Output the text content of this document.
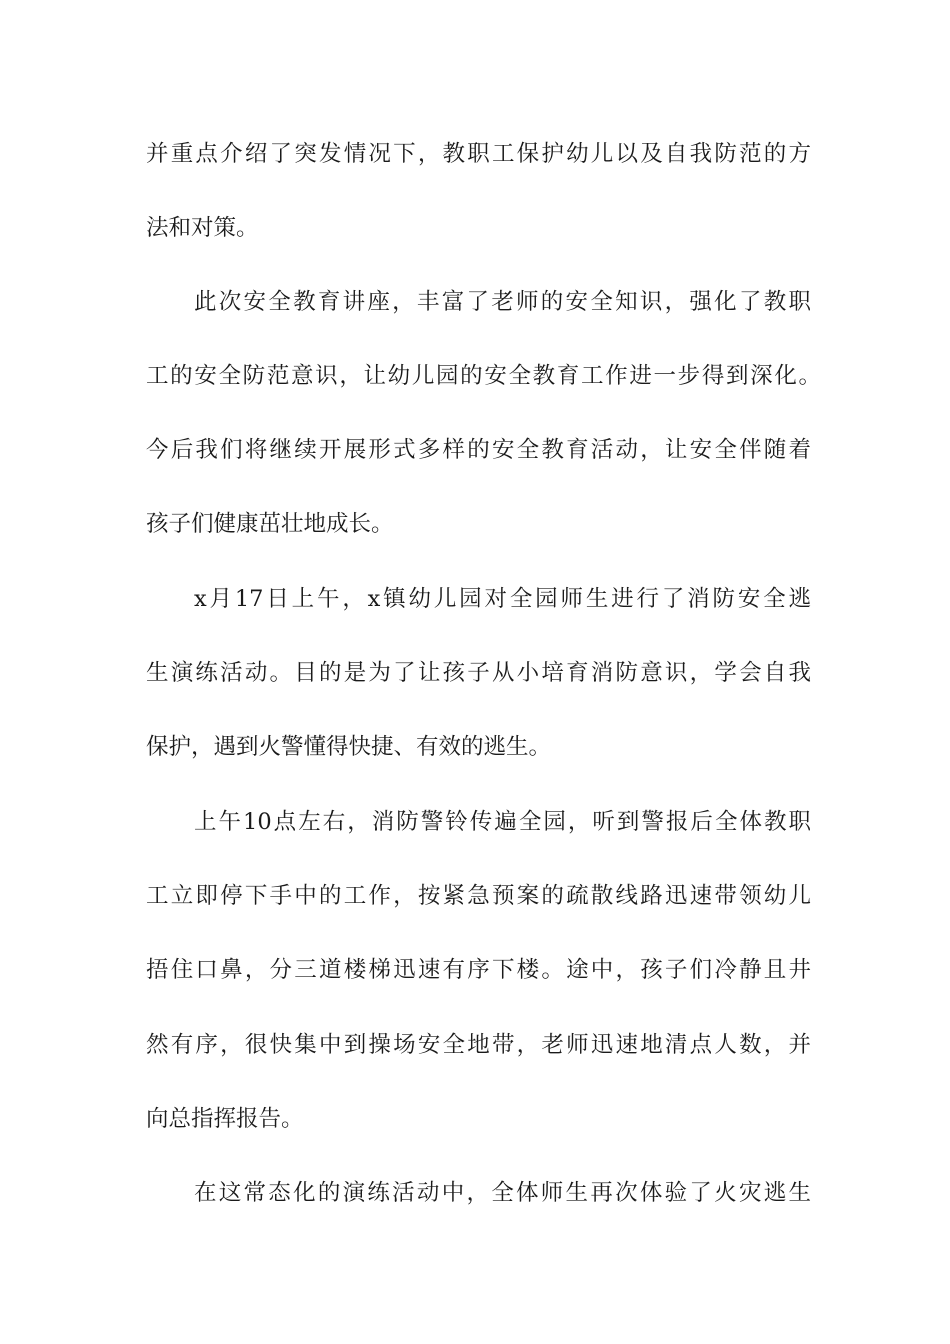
并重点介绍了突发情况下，教职工保护幼儿以及自我防范的方
法和对策。
此次安全教育讲座，丰富了老师的安全知识，强化了教职
工的安全防范意识，让幼儿园的安全教育工作进一步得到深化。
今后我们将继续开展形式多样的安全教育活动，让安全伴随着
孩子们健康茁壮地成长。
x月17日上午，x镇幼儿园对全园师生进行了消防安全逃
生演练活动。目的是为了让孩子从小培育消防意识，学会自我
保护，遇到火警懂得快捷、有效的逃生。
上午10点左右，消防警铃传遍全园，听到警报后全体教职
工立即停下手中的工作，按紧急预案的疏散线路迅速带领幼儿
捂住口鼻，分三道楼梯迅速有序下楼。途中，孩子们冷静且井
然有序，很快集中到操场安全地带，老师迅速地清点人数，并
向总指挥报告。
在这常态化的演练活动中，全体师生再次体验了火灾逃生
